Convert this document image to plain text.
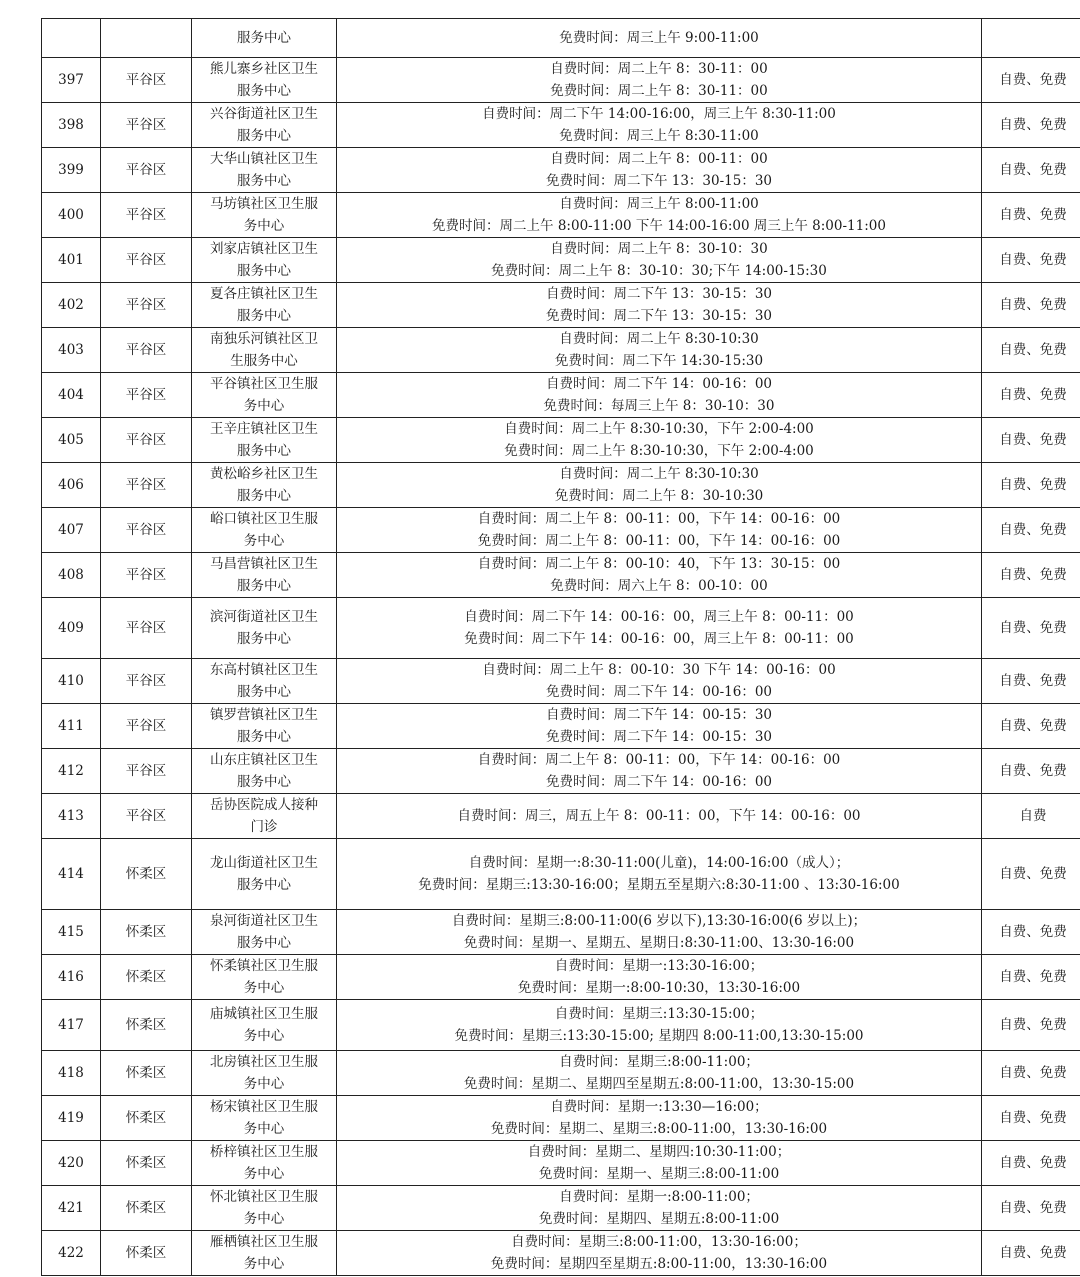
		服务中心	免费时间：周三上午 9:00-11:00	

397	平谷区	熊儿寨乡社区卫生
服务中心	自费时间：周二上午 8：30-11：00
免费时间：周二上午 8：30-11：00	自费、免费
398	平谷区	兴谷街道社区卫生
服务中心	自费时间：周二下午 14:00-16:00，周三上午 8:30-11:00
免费时间：周三上午 8:30-11:00	自费、免费
399	平谷区	大华山镇社区卫生
服务中心	自费时间：周二上午 8：00-11：00
免费时间：周二下午 13：30-15：30	自费、免费
400	平谷区	马坊镇社区卫生服
务中心	自费时间：周三上午 8:00-11:00
免费时间：周二上午 8:00-11:00 下午 14:00-16:00 周三上午 8:00-11:00	自费、免费
401	平谷区	刘家店镇社区卫生
服务中心	自费时间：周二上午 8：30-10：30
免费时间：周二上午 8：30-10：30;下午 14:00-15:30	自费、免费
402	平谷区	夏各庄镇社区卫生
服务中心	自费时间：周二下午 13：30-15：30
免费时间：周二下午 13：30-15：30	自费、免费
403	平谷区	南独乐河镇社区卫
生服务中心	自费时间：周二上午 8:30-10:30
免费时间：周二下午 14:30-15:30	自费、免费
404	平谷区	平谷镇社区卫生服
务中心	自费时间：周二下午 14：00-16：00
免费时间：每周三上午 8：30-10：30	自费、免费
405	平谷区	王辛庄镇社区卫生
服务中心	自费时间：周二上午 8:30-10:30，下午 2:00-4:00
免费时间：周二上午 8:30-10:30，下午 2:00-4:00	自费、免费
406	平谷区	黄松峪乡社区卫生
服务中心	自费时间：周二上午 8:30-10:30
免费时间：周二上午 8：30-10:30	自费、免费
407	平谷区	峪口镇社区卫生服
务中心	自费时间：周二上午 8：00-11：00，下午 14：00-16：00
免费时间：周二上午 8：00-11：00，下午 14：00-16：00	自费、免费
408	平谷区	马昌营镇社区卫生
服务中心	自费时间：周二上午 8：00-10：40，下午 13：30-15：00
免费时间：周六上午 8：00-10：00	自费、免费
409	平谷区	滨河街道社区卫生
服务中心	自费时间：周二下午 14：00-16：00，周三上午 8：00-11：00
免费时间：周二下午 14：00-16：00，周三上午 8：00-11：00	自费、免费
410	平谷区	东高村镇社区卫生
服务中心	自费时间：周二上午 8：00-10：30 下午 14：00-16：00
免费时间：周二下午 14：00-16：00	自费、免费
411	平谷区	镇罗营镇社区卫生
服务中心	自费时间：周二下午 14：00-15：30
免费时间：周二下午 14：00-15：30	自费、免费
412	平谷区	山东庄镇社区卫生
服务中心	自费时间：周二上午 8：00-11：00，下午 14：00-16：00
免费时间：周二下午 14：00-16：00	自费、免费
413	平谷区	岳协医院成人接种
门诊	自费时间：周三，周五上午 8：00-11：00，下午 14：00-16：00	自费
414	怀柔区	龙山街道社区卫生
服务中心	自费时间：星期一:8:30-11:00(儿童)，14:00-16:00（成人）；
免费时间：星期三:13:30-16:00；星期五至星期六:8:30-11:00 、13:30-16:00	自费、免费
415	怀柔区	泉河街道社区卫生
服务中心	自费时间：星期三:8:00-11:00(6 岁以下),13:30-16:00(6 岁以上)；
免费时间：星期一、星期五、星期日:8:30-11:00、13:30-16:00	自费、免费
416	怀柔区	怀柔镇社区卫生服
务中心	自费时间：星期一:13:30-16:00；
免费时间：星期一:8:00-10:30，13:30-16:00	自费、免费
417	怀柔区	庙城镇社区卫生服
务中心	自费时间：星期三:13:30-15:00；
免费时间：星期三:13:30-15:00; 星期四 8:00-11:00,13:30-15:00	自费、免费
418	怀柔区	北房镇社区卫生服
务中心	自费时间：星期三:8:00-11:00；
免费时间：星期二、星期四至星期五:8:00-11:00，13:30-15:00	自费、免费
419	怀柔区	杨宋镇社区卫生服
务中心	自费时间：星期一:13:30—16:00；
免费时间：星期二、星期三:8:00-11:00，13:30-16:00	自费、免费
420	怀柔区	桥梓镇社区卫生服
务中心	自费时间：星期二、星期四:10:30-11:00；
免费时间：星期一、星期三:8:00-11:00	自费、免费
421	怀柔区	怀北镇社区卫生服
务中心	自费时间：星期一:8:00-11:00；
免费时间：星期四、星期五:8:00-11:00	自费、免费
422	怀柔区	雁栖镇社区卫生服
务中心	自费时间：星期三:8:00-11:00，13:30-16:00；
免费时间：星期四至星期五:8:00-11:00，13:30-16:00	自费、免费
